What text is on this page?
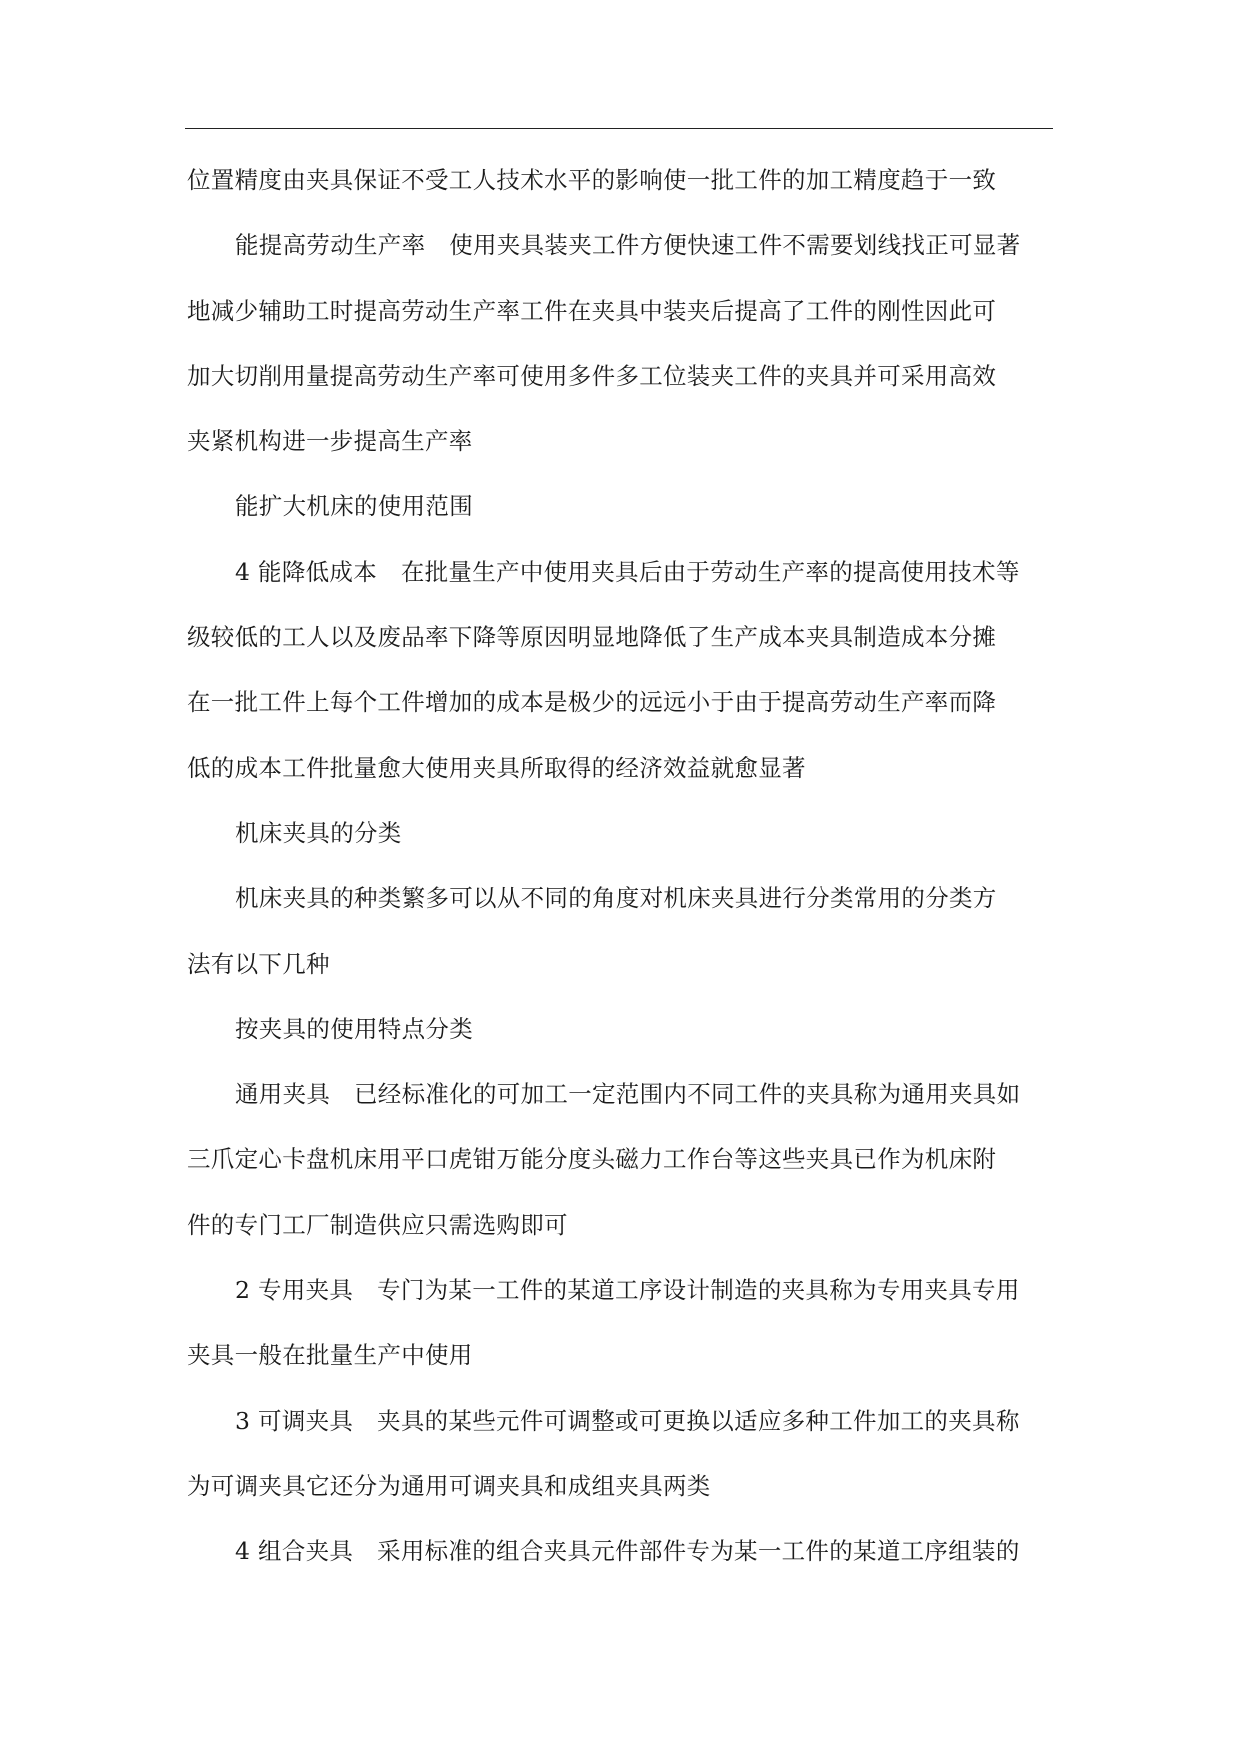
位置精度由夹具保证不受工人技术水平的影响使一批工件的加工精度趋于一致
能提高劳动生产率　使用夹具装夹工件方便快速工件不需要划线找正可显著
地减少辅助工时提高劳动生产率工件在夹具中装夹后提高了工件的刚性因此可
加大切削用量提高劳动生产率可使用多件多工位装夹工件的夹具并可采用高效
夹紧机构进一步提高生产率
能扩大机床的使用范围
4 能降低成本　在批量生产中使用夹具后由于劳动生产率的提高使用技术等
级较低的工人以及废品率下降等原因明显地降低了生产成本夹具制造成本分摊
在一批工件上每个工件增加的成本是极少的远远小于由于提高劳动生产率而降
低的成本工件批量愈大使用夹具所取得的经济效益就愈显著
机床夹具的分类
机床夹具的种类繁多可以从不同的角度对机床夹具进行分类常用的分类方
法有以下几种
按夹具的使用特点分类
通用夹具　已经标准化的可加工一定范围内不同工件的夹具称为通用夹具如
三爪定心卡盘机床用平口虎钳万能分度头磁力工作台等这些夹具已作为机床附
件的专门工厂制造供应只需选购即可
2 专用夹具　专门为某一工件的某道工序设计制造的夹具称为专用夹具专用
夹具一般在批量生产中使用
3 可调夹具　夹具的某些元件可调整或可更换以适应多种工件加工的夹具称
为可调夹具它还分为通用可调夹具和成组夹具两类
4 组合夹具　采用标准的组合夹具元件部件专为某一工件的某道工序组装的
